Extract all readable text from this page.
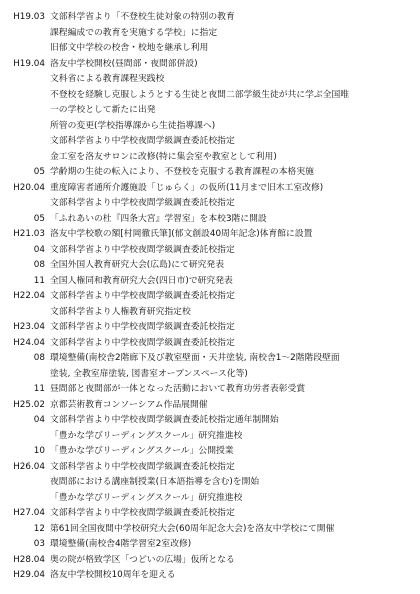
H19.03 文部科学省より「不登校生徒対象の特別の教育
課程編成での教育を実施する学校」に指定
旧郁文中学校の校舎・校地を継承し利用
H19.04 洛友中学校開校(昼間部・夜間部併設)
文科省による教育課程実践校
不登校を経験し克服しようとする生徒と夜間二部学級生徒が共に学ぶ全国唯
一の学校として新たに出発
所管の変更(学校指導課から生徒指導課へ)
文部科学省より中学校夜間学級調査委託校指定
金工室を洛友サロンに改修(特に集会室や教室として利用)
05 学齢期の生徒の転入により、不登校を克服する教育課程の本格実施
H20.04 重度障害者通所介護施設「じゅらく」の仮所(11月まで旧木工室改修)
文部科学省より中学校夜間学級調査委託校指定
05 「ふれあいの杜『四条大宮』学習室」を本校3階に開設
H21.03 洛友中学校歌の額[村岡徹氏筆](郁文創設40周年記念)体育館に設置
04 文部科学省より中学校夜間学級調査委託校指定
08 全国外国人教育研究大会(広島)にて研究発表
11 全国人権同和教育研究大会(四日市)で研究発表
H22.04 文部科学省より中学校夜間学級調査委託校指定
文部科学省より人権教育研究指定校
H23.04 文部科学省より中学校夜間学級調査委託校指定
H24.04 文部科学省より中学校夜間学級調査委託校指定
08 環境整備(南校舎2階廊下及び教室壁面・天井塗装, 南校舎1～2階階段壁面
塗装, 全教室扉塗装, 図書室オープンスペース化等)
11 昼間部と夜間部が一体となった活動において教育功労者表彰受賞
H25.02 京都芸術教育コンソーシアム作品展開催
04 文部科学省より中学校夜間学級調査委託校指定通年制開始
「豊かな学びリーディングスクール」研究推進校
10 「豊かな学びリーディングスクール」公開授業
H26.04 文部科学省より中学校夜間学級調査委託校指定
夜間部における講座制授業(日本語指導を含む)を開始
「豊かな学びリーディングスクール」研究推進校
H27.04 文部科学省より中学校夜間学級調査委託校指定
12 第61回全国夜間中学校研究大会(60周年記念大会)を洛友中学校にて開催
03 環境整備(南校舎4階学習室2室改修)
H28.04 奥の院が格致学区「つどいの広場」仮所となる
H29.04 洛友中学校開校10周年を迎える
